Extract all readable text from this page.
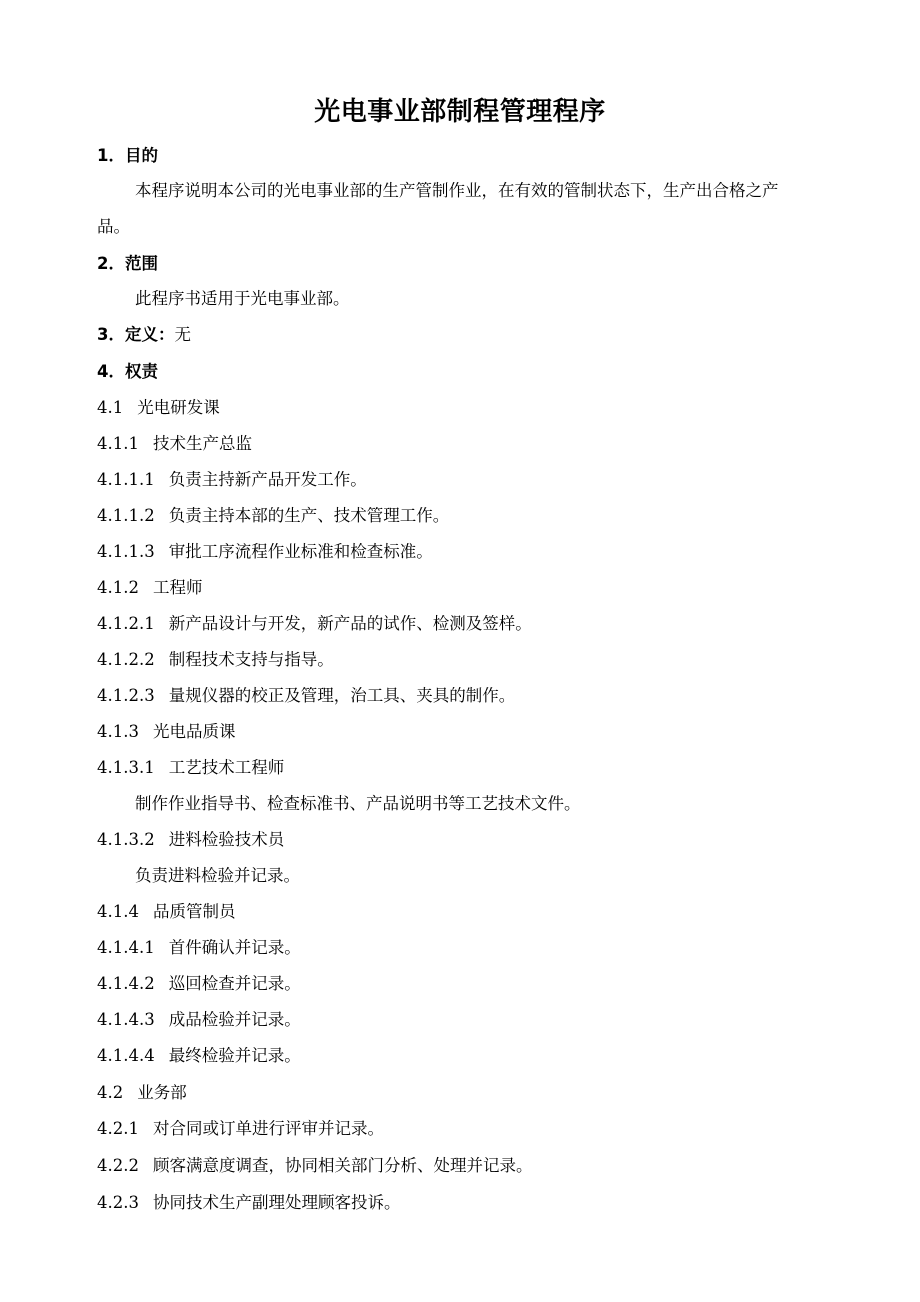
光电事业部制程管理程序
1．目的
本程序说明本公司的光电事业部的生产管制作业，在有效的管制状态下，生产出合格之产
品。
2．范围
此程序书适用于光电事业部。
3．定义：无
4．权责
4.1 光电研发课
4.1.1 技术生产总监
4.1.1.1 负责主持新产品开发工作。
4.1.1.2 负责主持本部的生产、技术管理工作。
4.1.1.3 审批工序流程作业标准和检查标准。
4.1.2 工程师
4.1.2.1 新产品设计与开发，新产品的试作、检测及签样。
4.1.2.2 制程技术支持与指导。
4.1.2.3 量规仪器的校正及管理，治工具、夹具的制作。
4.1.3 光电品质课
4.1.3.1 工艺技术工程师
制作作业指导书、检查标准书、产品说明书等工艺技术文件。
4.1.3.2 进料检验技术员
负责进料检验并记录。
4.1.4 品质管制员
4.1.4.1 首件确认并记录。
4.1.4.2 巡回检查并记录。
4.1.4.3 成品检验并记录。
4.1.4.4 最终检验并记录。
4.2 业务部
4.2.1 对合同或订单进行评审并记录。
4.2.2 顾客满意度调查，协同相关部门分析、处理并记录。
4.2.3 协同技术生产副理处理顾客投诉。
